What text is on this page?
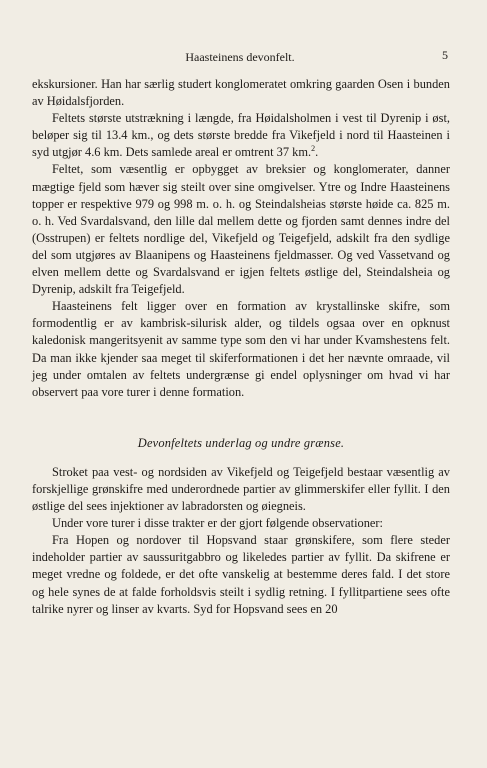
Haasteinens devonfelt.	5

ekskursioner. Han har særlig studert konglomeratet omkring gaarden Osen i bunden av Høidalsfjorden.

Feltets største utstrækning i længde, fra Høidalsholmen i vest til Dyrenip i øst, beløper sig til 13.4 km., og dets største bredde fra Vikefjeld i nord til Haasteinen i syd utgjør 4.6 km. Dets samlede areal er omtrent 37 km.$^2$.

Feltet, som væsentlig er opbygget av breksier og konglomerater, danner mægtige fjeld som hæver sig steilt over sine omgivelser. Ytre og Indre Haasteinens topper er respektive 979 og 998 m. o. h. og Steindalsheias største høide ca. 825 m. o. h. Ved Svardalsvand, den lille dal mellem dette og fjorden samt dennes indre del (Osstrupen) er feltets nordlige del, Vikefjeld og Teigefjeld, adskilt fra den sydlige del som utgjøres av Blaanipens og Haasteinens fjeldmasser. Og ved Vassetvand og elven mellem dette og Svardalsvand er igjen feltets østlige del, Steindalsheia og Dyrenip, adskilt fra Teigefjeld.

Haasteinens felt ligger over en formation av krystallinske skifre, som formodentlig er av kambrisk-silurisk alder, og tildels ogsaa over en opknust kaledonisk mangeritsyenit av samme type som den vi har under Kvamshestens felt. Da man ikke kjender saa meget til skiferformationen i det her nævnte omraade, vil jeg under omtalen av feltets undergrænse gi endel oplysninger om hvad vi har observert paa vore turer i denne formation.

Devonfeltets underlag og undre grænse.

Stroket paa vest- og nordsiden av Vikefjeld og Teigefjeld bestaar væsentlig av forskjellige grønskifre med underordnede partier av glimmerskifer eller fyllit. I den østlige del sees injektioner av labradorsten og øiegneis.

Under vore turer i disse trakter er der gjort følgende observationer:

Fra Hopen og nordover til Hopsvand staar grønskifere, som flere steder indeholder partier av saussuritgabbro og likeledes partier av fyllit. Da skifrene er meget vredne og foldede, er det ofte vanskelig at bestemme deres fald. I det store og hele synes de at falde forholdsvis steilt i sydlig retning. I fyllitpartiene sees ofte talrike nyrer og linser av kvarts. Syd for Hopsvand sees en 20
